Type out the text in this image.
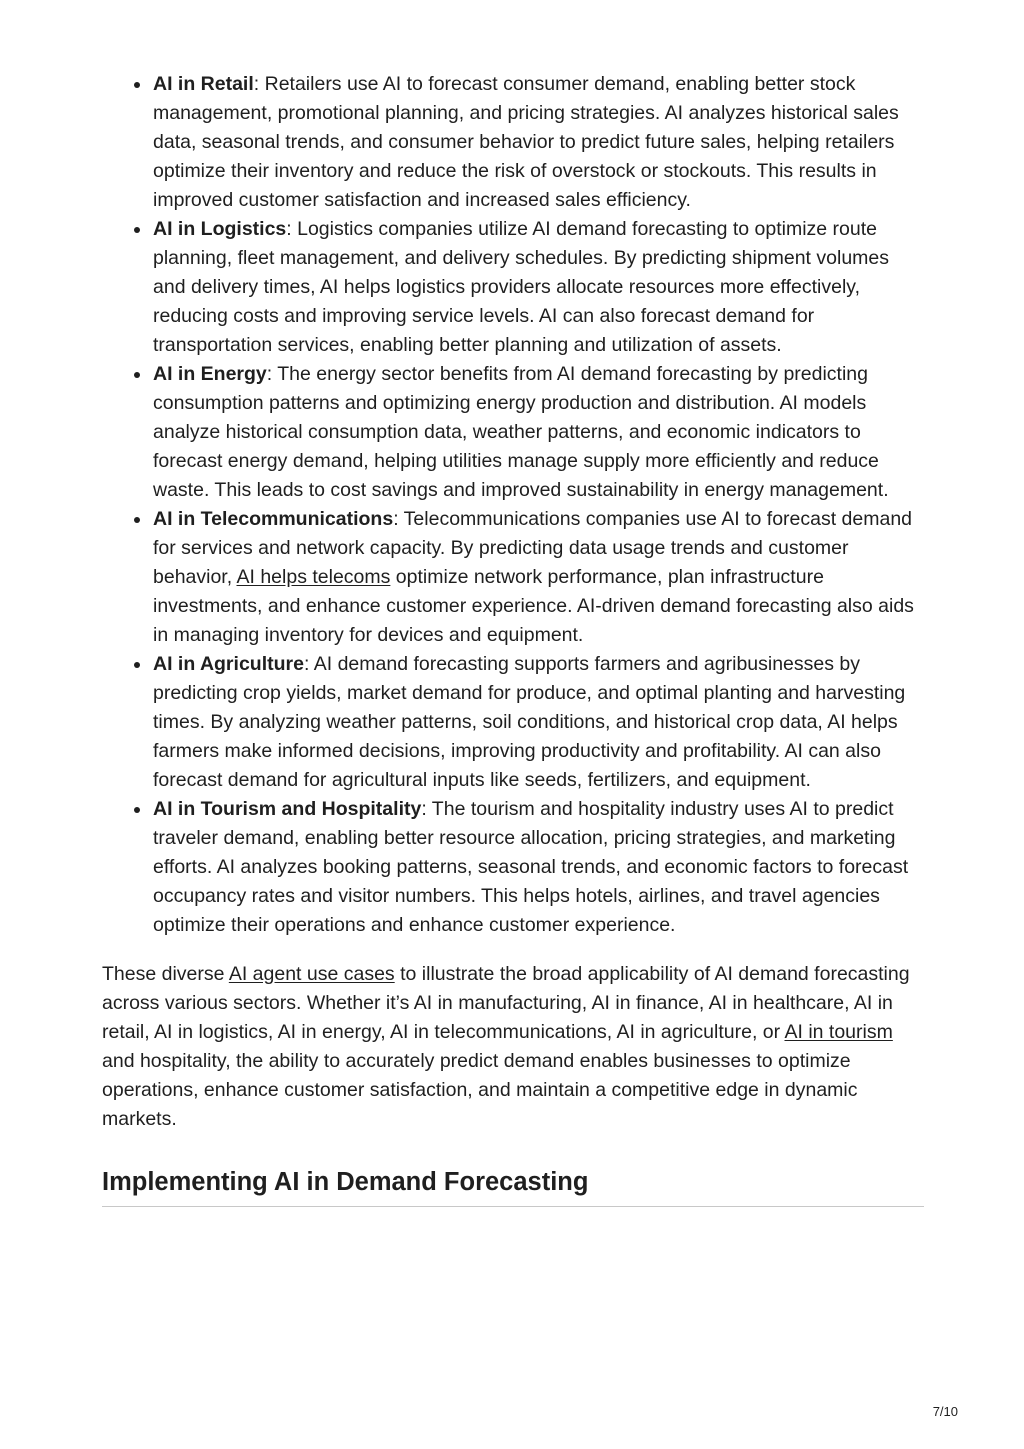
AI in Retail: Retailers use AI to forecast consumer demand, enabling better stock management, promotional planning, and pricing strategies. AI analyzes historical sales data, seasonal trends, and consumer behavior to predict future sales, helping retailers optimize their inventory and reduce the risk of overstock or stockouts. This results in improved customer satisfaction and increased sales efficiency.
AI in Logistics: Logistics companies utilize AI demand forecasting to optimize route planning, fleet management, and delivery schedules. By predicting shipment volumes and delivery times, AI helps logistics providers allocate resources more effectively, reducing costs and improving service levels. AI can also forecast demand for transportation services, enabling better planning and utilization of assets.
AI in Energy: The energy sector benefits from AI demand forecasting by predicting consumption patterns and optimizing energy production and distribution. AI models analyze historical consumption data, weather patterns, and economic indicators to forecast energy demand, helping utilities manage supply more efficiently and reduce waste. This leads to cost savings and improved sustainability in energy management.
AI in Telecommunications: Telecommunications companies use AI to forecast demand for services and network capacity. By predicting data usage trends and customer behavior, AI helps telecoms optimize network performance, plan infrastructure investments, and enhance customer experience. AI-driven demand forecasting also aids in managing inventory for devices and equipment.
AI in Agriculture: AI demand forecasting supports farmers and agribusinesses by predicting crop yields, market demand for produce, and optimal planting and harvesting times. By analyzing weather patterns, soil conditions, and historical crop data, AI helps farmers make informed decisions, improving productivity and profitability. AI can also forecast demand for agricultural inputs like seeds, fertilizers, and equipment.
AI in Tourism and Hospitality: The tourism and hospitality industry uses AI to predict traveler demand, enabling better resource allocation, pricing strategies, and marketing efforts. AI analyzes booking patterns, seasonal trends, and economic factors to forecast occupancy rates and visitor numbers. This helps hotels, airlines, and travel agencies optimize their operations and enhance customer experience.

These diverse AI agent use cases to illustrate the broad applicability of AI demand forecasting across various sectors. Whether it’s AI in manufacturing, AI in finance, AI in healthcare, AI in retail, AI in logistics, AI in energy, AI in telecommunications, AI in agriculture, or AI in tourism and hospitality, the ability to accurately predict demand enables businesses to optimize operations, enhance customer satisfaction, and maintain a competitive edge in dynamic markets.

Implementing AI in Demand Forecasting
7/10
